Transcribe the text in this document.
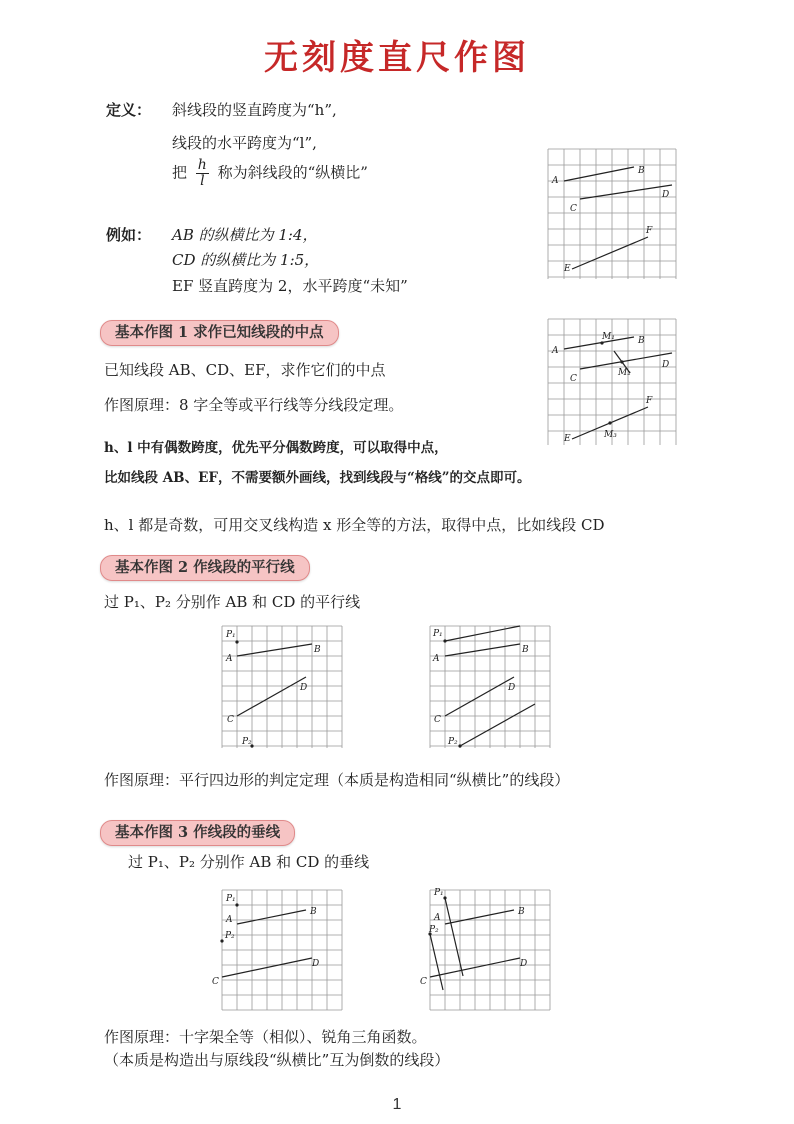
无刻度直尺作图
定义： 斜线段的竖直跨度为“h”,
线段的水平跨度为“l”,
把 $\frac{h}{l}$ 称为斜线段的“纵横比”
例如： AB 的纵横比为 1:4，
CD 的纵横比为 1:5，
EF 竖直跨度为 2，水平跨度“未知”
A
B
C
D
F
E
基本作图 1 求作已知线段的中点
已知线段 AB、CD、EF，求作它们的中点
作图原理：8 字全等或平行线等分线段定理。
h、l 中有偶数跨度，优先平分偶数跨度，可以取得中点，
比如线段 AB、EF，不需要额外画线，找到线段与“格线”的交点即可。
h、l 都是奇数，可用交叉线构造 x 形全等的方法，取得中点，比如线段 CD
A
B
M₁
C
D
M₂
F
E	M₃
基本作图 2 作线段的平行线
过 P₁、P₂ 分别作 AB 和 CD 的平行线
P₁
A
B
C
D
P₂
P₁
A
B
C
D
P₂
作图原理：平行四边形的判定定理（本质是构造相同“纵横比”的线段）
基本作图 3 作线段的垂线
过 P₁、P₂ 分别作 AB 和 CD 的垂线
P₁
A
B
P₂
C
D
P₁
A
B
P₂
C
D
作图原理：十字架全等（相似）、锐角三角函数。
（本质是构造出与原线段“纵横比”互为倒数的线段）
1
